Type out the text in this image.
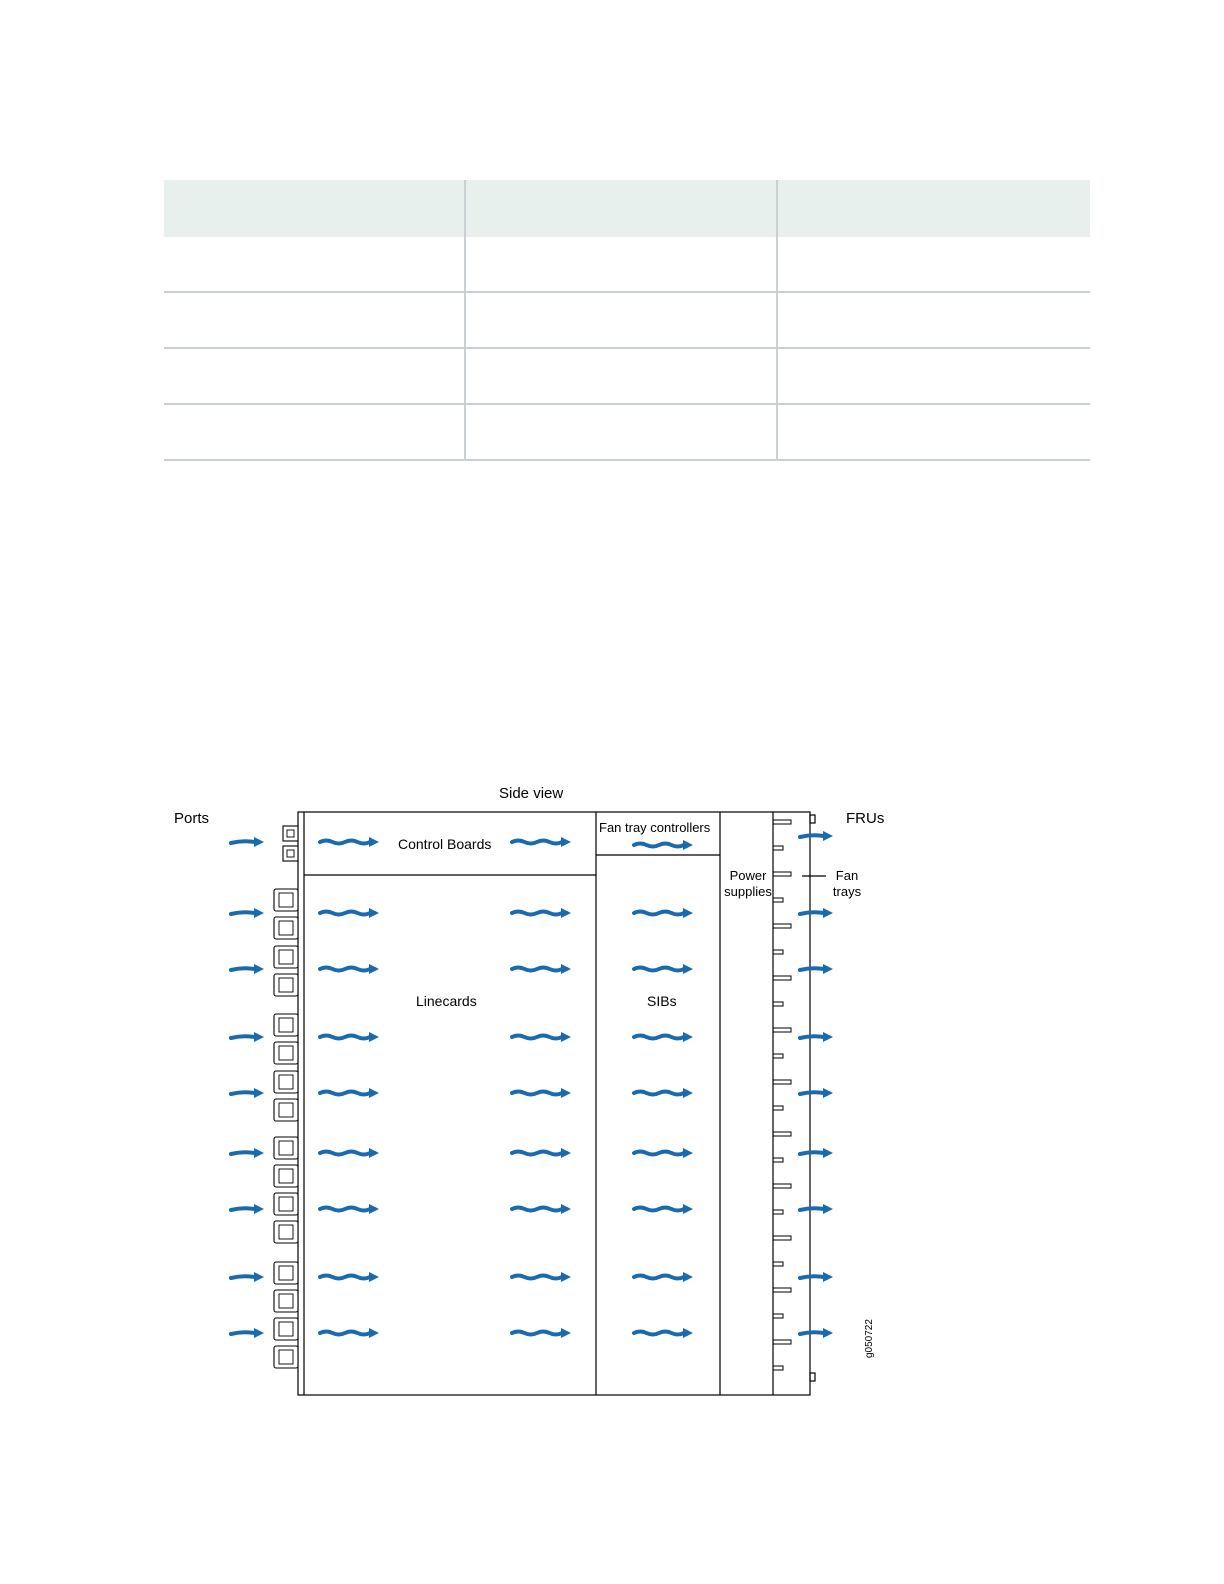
Side view
Ports	FRUs
Control Boards
Fan tray controllers
Power
supplies
Fan
trays
Linecards	SIBs
g050722
